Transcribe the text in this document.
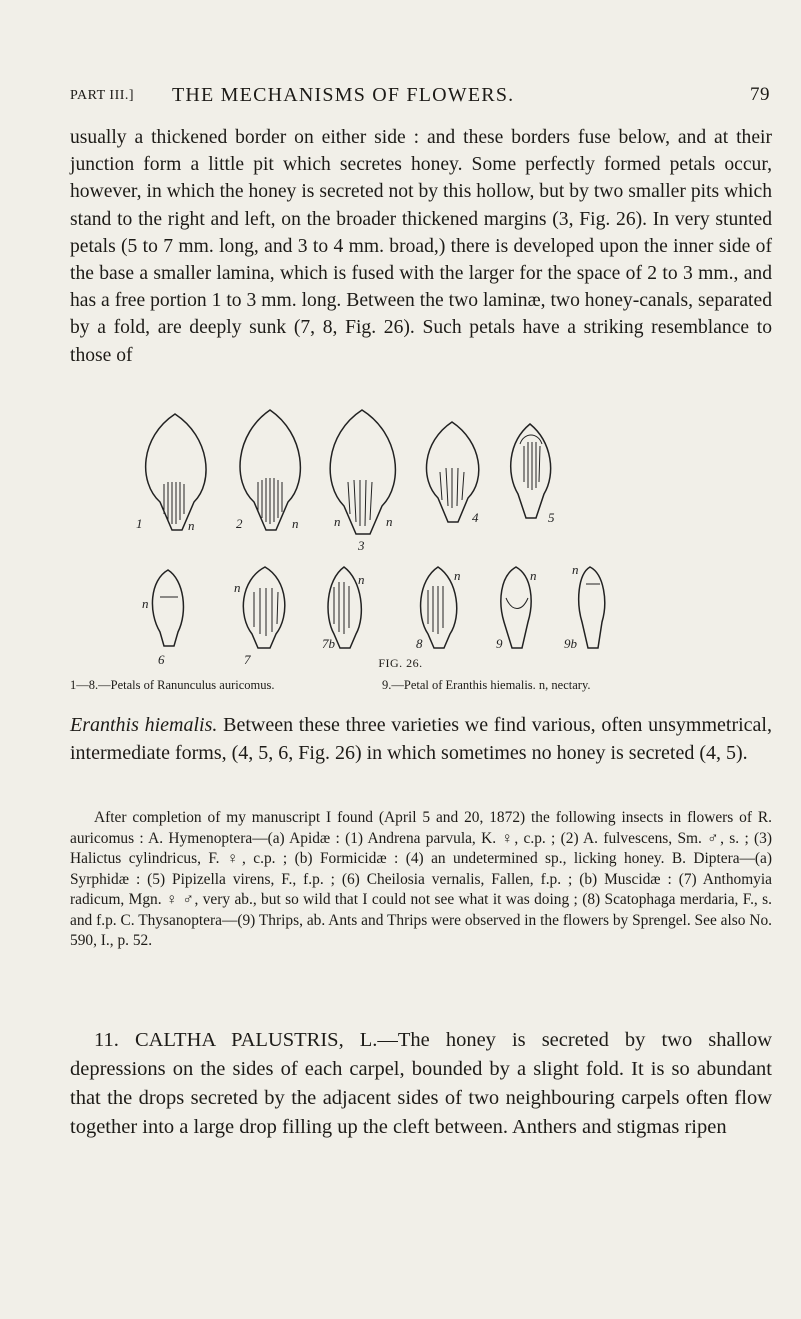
PART III.] THE MECHANISMS OF FLOWERS.	79

usually a thickened border on either side : and these borders fuse below, and at their junction form a little pit which secretes honey. Some perfectly formed petals occur, however, in which the honey is secreted not by this hollow, but by two smaller pits which stand to the right and left, on the broader thickened margins (3, Fig. 26). In very stunted petals (5 to 7 mm. long, and 3 to 4 mm. broad,) there is developed upon the inner side of the base a smaller lamina, which is fused with the larger for the space of 2 to 3 mm., and has a free portion 1 to 3 mm. long. Between the two laminæ, two honey-canals, separated by a fold, are deeply sunk (7, 8, Fig. 26). Such petals have a striking resemblance to those of

1	n	2	n	n	n
3
4	5
n
6
n
7
n
7b
n
8
n
9
n
9b
FIG. 26.
1—8.—Petals of Ranunculus auricomus.	9.—Petal of Eranthis hiemalis. n, nectary.

Eranthis hiemalis. Between these three varieties we find various, often unsymmetrical, intermediate forms, (4, 5, 6, Fig. 26) in which sometimes no honey is secreted (4, 5).

After completion of my manuscript I found (April 5 and 20, 1872) the following insects in flowers of R. auricomus : A. Hymenoptera—(a) Apidæ : (1) Andrena parvula, K. ♀, c.p. ; (2) A. fulvescens, Sm. ♂, s. ; (3) Halictus cylindricus, F. ♀, c.p. ; (b) Formicidæ : (4) an undetermined sp., licking honey. B. Diptera—(a) Syrphidæ : (5) Pipizella virens, F., f.p. ; (6) Cheilosia vernalis, Fallen, f.p. ; (b) Muscidæ : (7) Anthomyia radicum, Mgn. ♀ ♂, very ab., but so wild that I could not see what it was doing ; (8) Scatophaga merdaria, F., s. and f.p. C. Thysanoptera—(9) Thrips, ab. Ants and Thrips were observed in the flowers by Sprengel. See also No. 590, I., p. 52.

11. CALTHA PALUSTRIS, L.—The honey is secreted by two shallow depressions on the sides of each carpel, bounded by a slight fold. It is so abundant that the drops secreted by the adjacent sides of two neighbouring carpels often flow together into a large drop filling up the cleft between. Anthers and stigmas ripen
